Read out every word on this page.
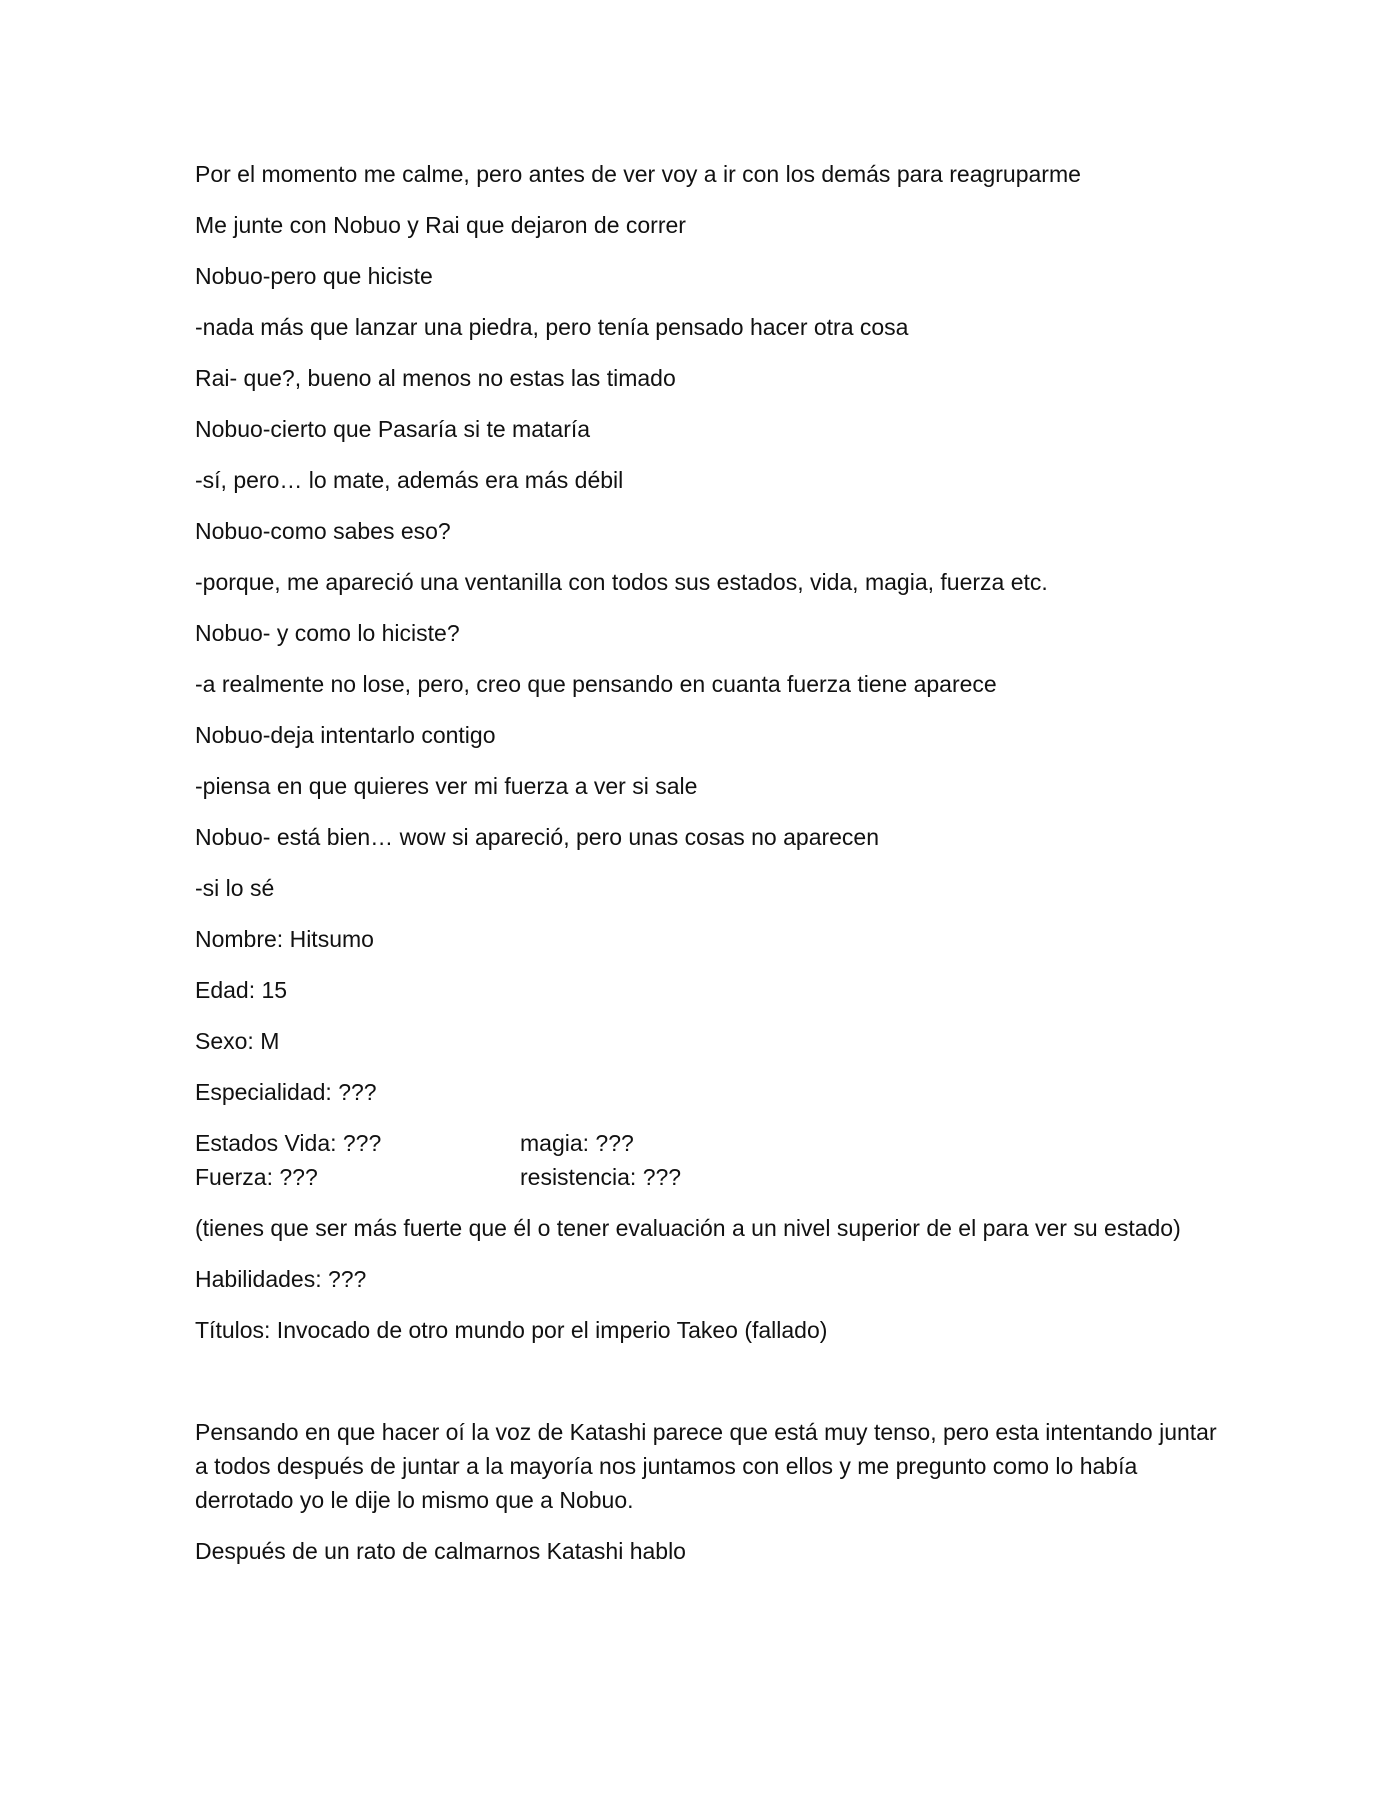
Por el momento me calme, pero antes de ver voy a ir con los demás para reagruparme

Me junte con Nobuo y Rai que dejaron de correr

Nobuo-pero que hiciste

-nada más que lanzar una piedra, pero tenía pensado hacer otra cosa

Rai- que?, bueno al menos no estas las timado

Nobuo-cierto que Pasaría si te mataría

-sí, pero… lo mate, además era más débil

Nobuo-como sabes eso?

-porque, me apareció una ventanilla con todos sus estados, vida, magia, fuerza etc.

Nobuo- y como lo hiciste?

-a realmente no lose, pero, creo que pensando en cuanta fuerza tiene aparece

Nobuo-deja intentarlo contigo

-piensa en que quieres ver mi fuerza a ver si sale

Nobuo- está bien… wow si apareció, pero unas cosas no aparecen

-si lo sé

Nombre: Hitsumo

Edad: 15

Sexo: M

Especialidad: ???

Estados Vida: ???	magia: ???
Fuerza: ???	resistencia: ???

(tienes que ser más fuerte que él o tener evaluación a un nivel superior de el para ver su estado)

Habilidades: ???

Títulos: Invocado de otro mundo por el imperio Takeo (fallado)

Pensando en que hacer oí la voz de Katashi parece que está muy tenso, pero esta intentando juntar a todos después de juntar a la mayoría nos juntamos con ellos y me pregunto como lo había derrotado yo le dije lo mismo que a Nobuo.

Después de un rato de calmarnos Katashi hablo
